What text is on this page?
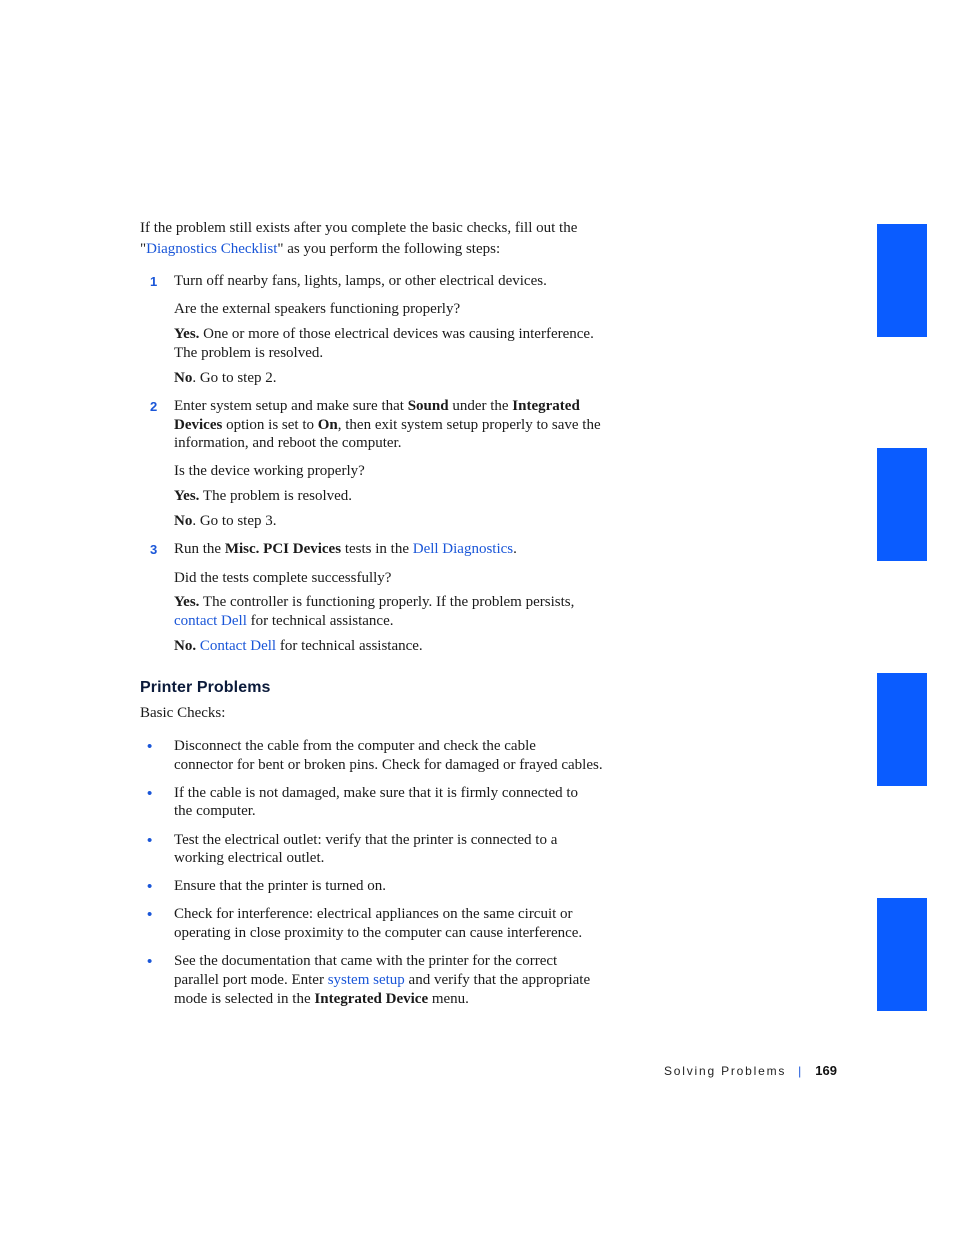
If the problem still exists after you complete the basic checks, fill out the

"Diagnostics Checklist" as you perform the following steps:

1	Turn off nearby fans, lights, lamps, or other electrical devices.

Are the external speakers functioning properly?

Yes. One or more of those electrical devices was causing interference.

The problem is resolved.

No. Go to step 2.

2	Enter system setup and make sure that Sound under the Integrated

Devices option is set to On, then exit system setup properly to save the

information, and reboot the computer.

Is the device working properly?

Yes. The problem is resolved.

No. Go to step 3.

3	Run the Misc. PCI Devices tests in the Dell Diagnostics.

Did the tests complete successfully?

Yes. The controller is functioning properly. If the problem persists,

contact Dell for technical assistance.

No. Contact Dell for technical assistance.

Printer Problems

Basic Checks:

• Disconnect the cable from the computer and check the cable

connector for bent or broken pins. Check for damaged or frayed cables.

• If the cable is not damaged, make sure that it is firmly connected to

the computer.

• Test the electrical outlet: verify that the printer is connected to a

working electrical outlet.

• Ensure that the printer is turned on.

• Check for interference: electrical appliances on the same circuit or

operating in close proximity to the computer can cause interference.

• See the documentation that came with the printer for the correct

parallel port mode. Enter system setup and verify that the appropriate

mode is selected in the Integrated Device menu.

Solving Problems | 169
